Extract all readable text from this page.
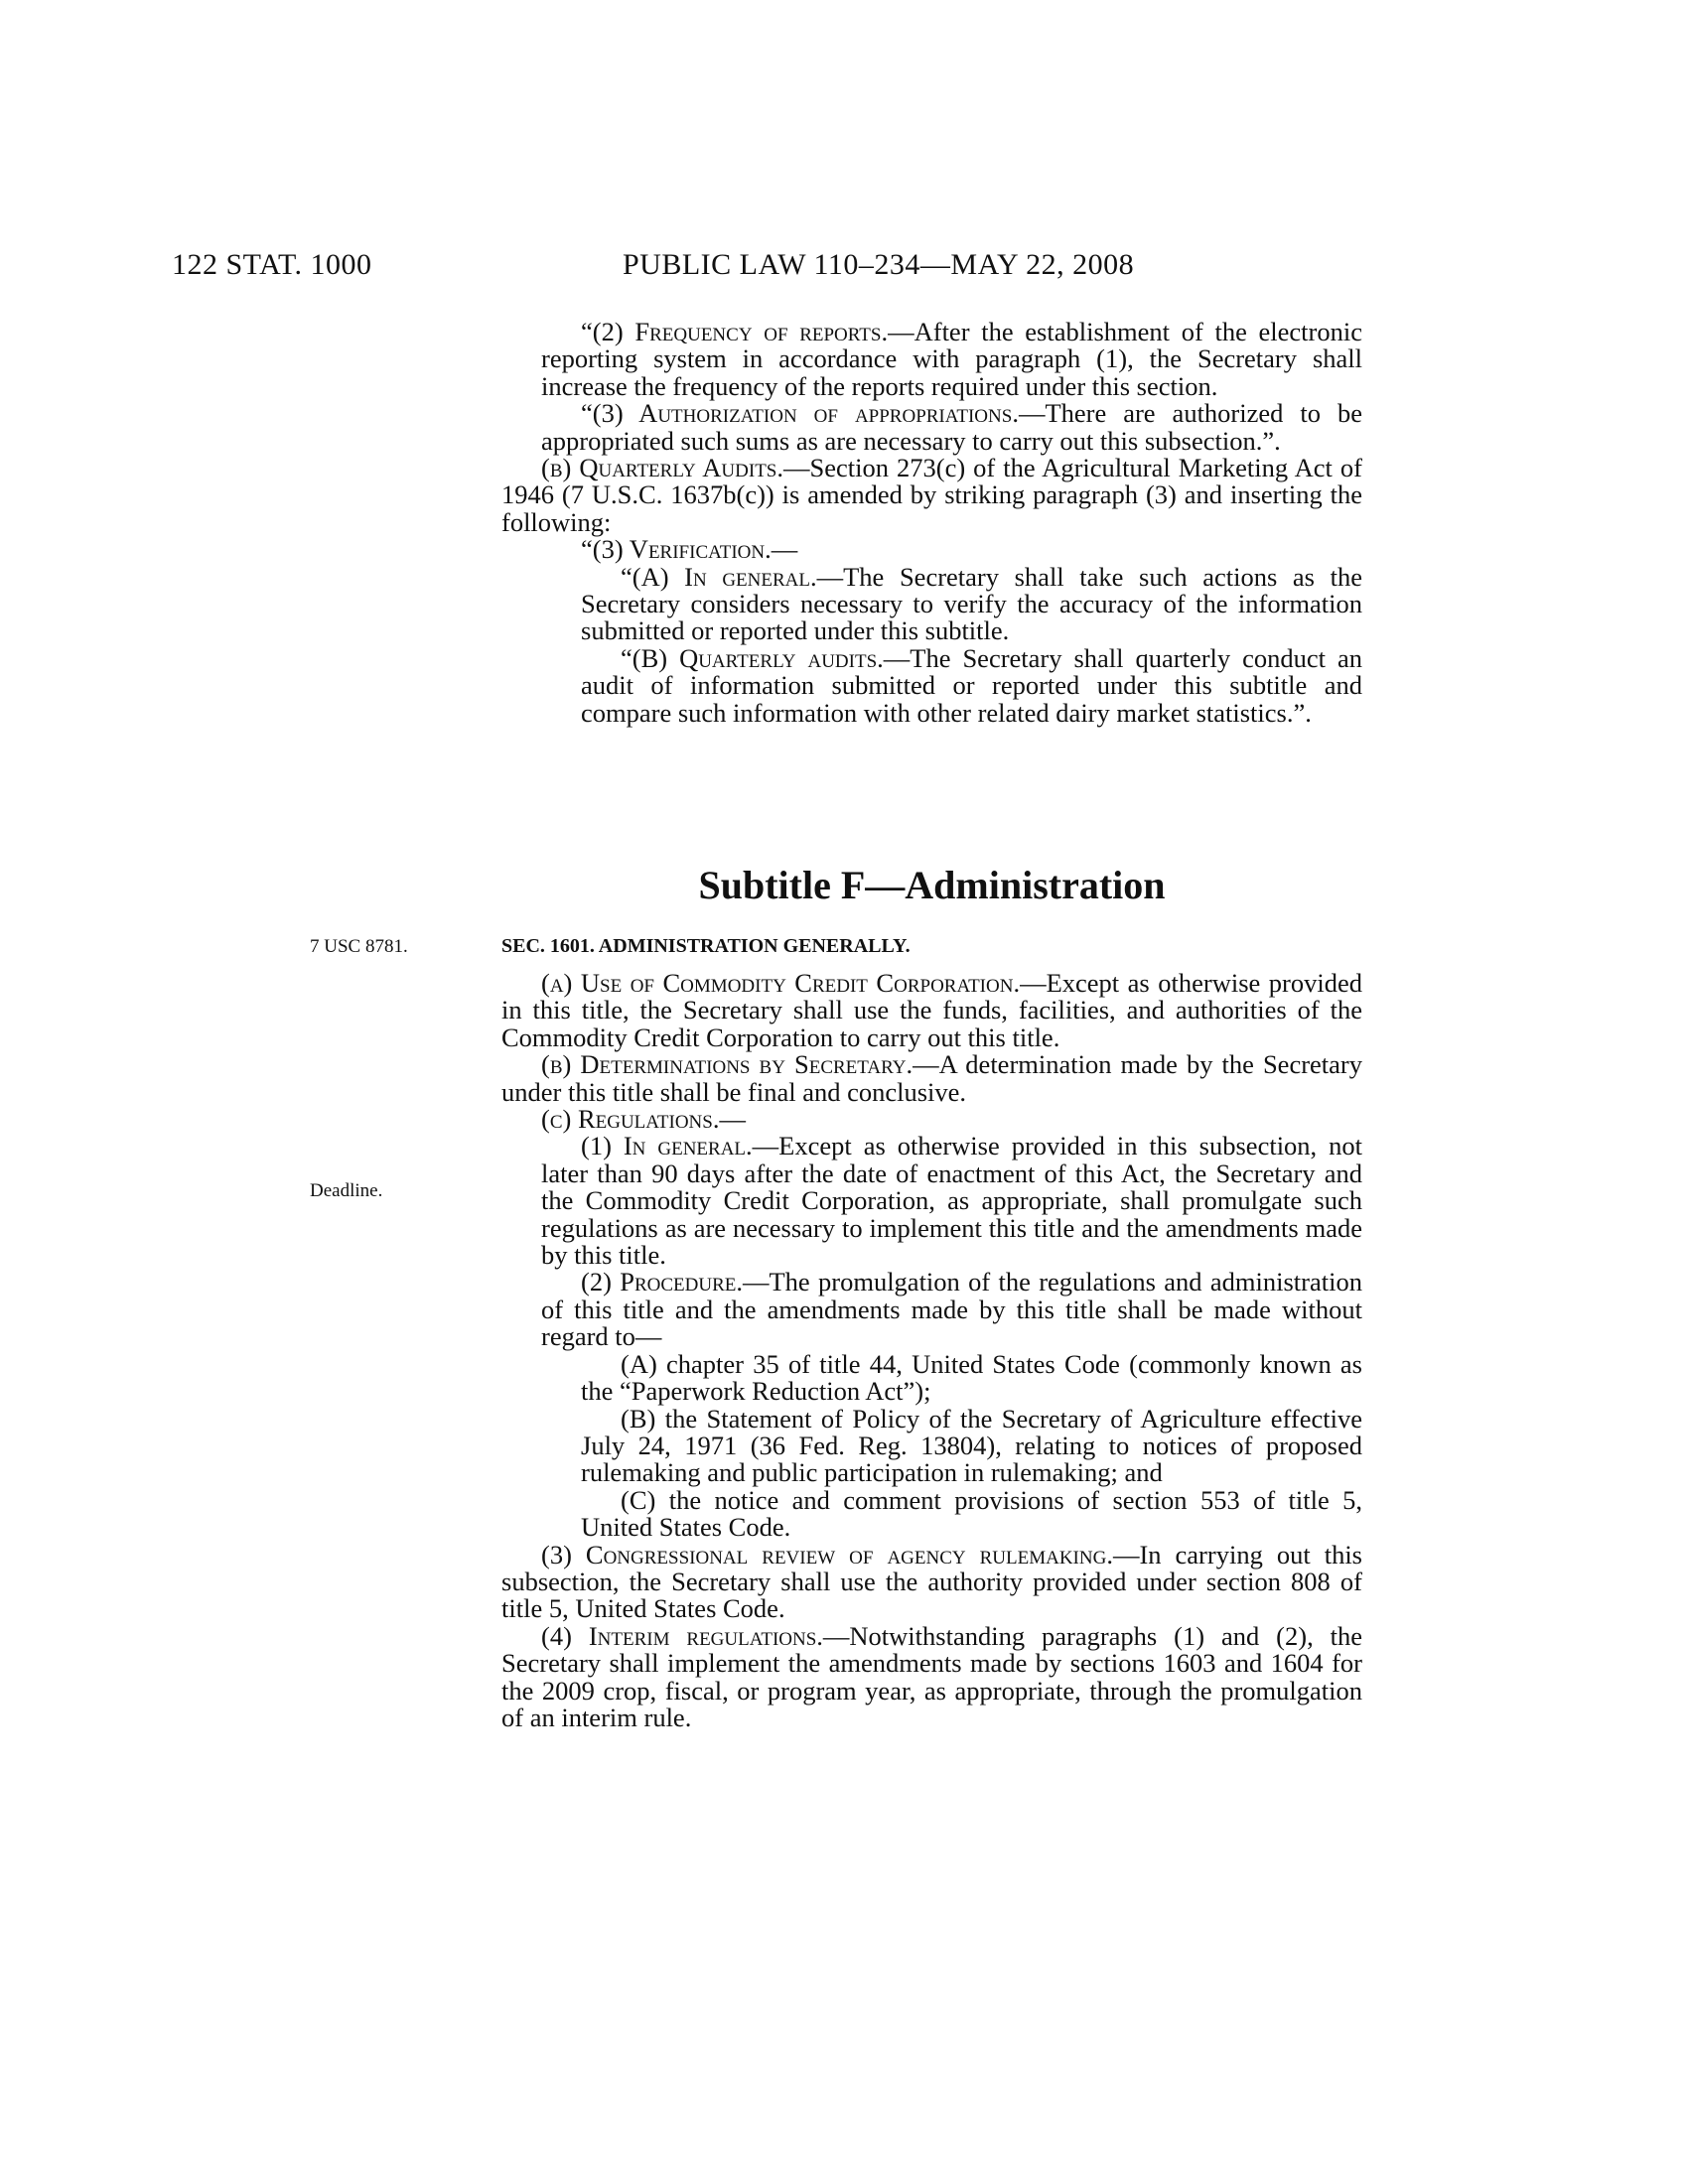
122 STAT. 1000	PUBLIC LAW 110–234—MAY 22, 2008

“(2) Frequency of reports.—After the establishment of the electronic reporting system in accordance with paragraph (1), the Secretary shall increase the frequency of the reports required under this section.

“(3) Authorization of appropriations.—There are authorized to be appropriated such sums as are necessary to carry out this subsection.”.

(b) Quarterly Audits.—Section 273(c) of the Agricultural Marketing Act of 1946 (7 U.S.C. 1637b(c)) is amended by striking paragraph (3) and inserting the following:

“(3) Verification.—

“(A) In general.—The Secretary shall take such actions as the Secretary considers necessary to verify the accuracy of the information submitted or reported under this subtitle.

“(B) Quarterly audits.—The Secretary shall quarterly conduct an audit of information submitted or reported under this subtitle and compare such information with other related dairy market statistics.”.

Subtitle F—Administration
7 USC 8781.
Deadline.
SEC. 1601. ADMINISTRATION GENERALLY.

(a) Use of Commodity Credit Corporation.—Except as otherwise provided in this title, the Secretary shall use the funds, facilities, and authorities of the Commodity Credit Corporation to carry out this title.

(b) Determinations by Secretary.—A determination made by the Secretary under this title shall be final and conclusive.

(c) Regulations.—

(1) In general.—Except as otherwise provided in this subsection, not later than 90 days after the date of enactment of this Act, the Secretary and the Commodity Credit Corporation, as appropriate, shall promulgate such regulations as are necessary to implement this title and the amendments made by this title.

(2) Procedure.—The promulgation of the regulations and administration of this title and the amendments made by this title shall be made without regard to—

(A) chapter 35 of title 44, United States Code (commonly known as the “Paperwork Reduction Act”);

(B) the Statement of Policy of the Secretary of Agriculture effective July 24, 1971 (36 Fed. Reg. 13804), relating to notices of proposed rulemaking and public participation in rulemaking; and

(C) the notice and comment provisions of section 553 of title 5, United States Code.

(3) Congressional review of agency rulemaking.—In carrying out this subsection, the Secretary shall use the authority provided under section 808 of title 5, United States Code.

(4) Interim regulations.—Notwithstanding paragraphs (1) and (2), the Secretary shall implement the amendments made by sections 1603 and 1604 for the 2009 crop, fiscal, or program year, as appropriate, through the promulgation of an interim rule.
